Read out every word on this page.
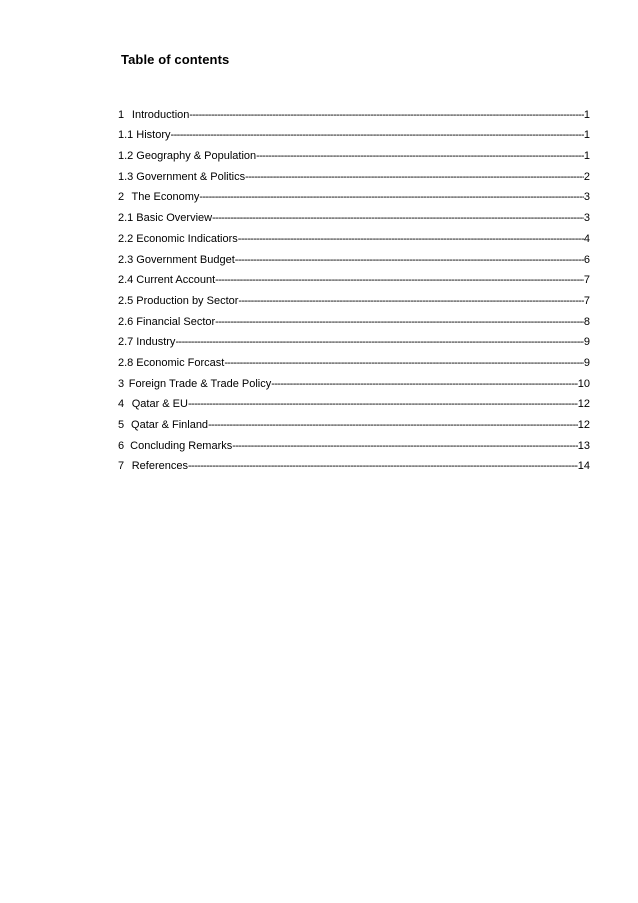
Table of contents
1 Introduction -----	1
1.1 History -----	1
1.2 Geography & Population -----	1
1.3 Government & Politics -----	2
2 The Economy -----	3
2.1 Basic Overview -----	3
2.2 Economic Indicatiors -----	4
2.3 Government Budget -----	6
2.4 Current Account -----	7
2.5 Production by Sector -----	7
2.6 Financial Sector -----	8
2.7 Industry -----	9
2.8 Economic Forcast -----	9
3 Foreign Trade & Trade Policy -----	10
4 Qatar & EU -----	12
5 Qatar & Finland -----	12
6 Concluding Remarks -----	13
7 References -----	14
